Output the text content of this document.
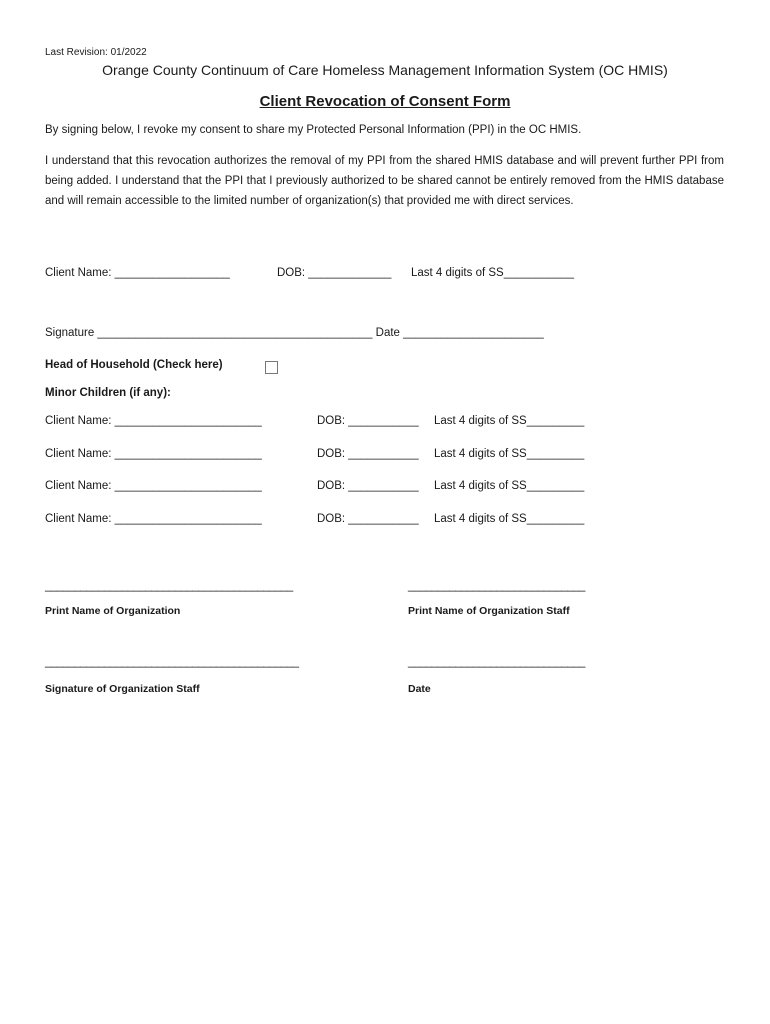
Last Revision: 01/2022
Orange County Continuum of Care Homeless Management Information System (OC HMIS)
Client Revocation of Consent Form
By signing below, I revoke my consent to share my Protected Personal Information (PPI) in the OC HMIS.
I understand that this revocation authorizes the removal of my PPI from the shared HMIS database and will prevent further PPI from being added. I understand that the PPI that I previously authorized to be shared cannot be entirely removed from the HMIS database and will remain accessible to the limited number of organization(s) that provided me with direct services.
Client Name: __________________	DOB: _____________ Last 4 digits of SS___________
Signature ___________________________________________ Date ______________________
Head of Household (Check here)
Minor Children (if any):
Client Name: _______________________	DOB: ___________ Last 4 digits of SS_________
Client Name: _______________________	DOB: ___________ Last 4 digits of SS_________
Client Name: _______________________	DOB: ___________ Last 4 digits of SS_________
Client Name: _______________________	DOB: ___________ Last 4 digits of SS_________
__________________________________________	______________________________
Print Name of Organization	Print Name of Organization Staff
___________________________________________	______________________________
Signature of Organization Staff	Date
